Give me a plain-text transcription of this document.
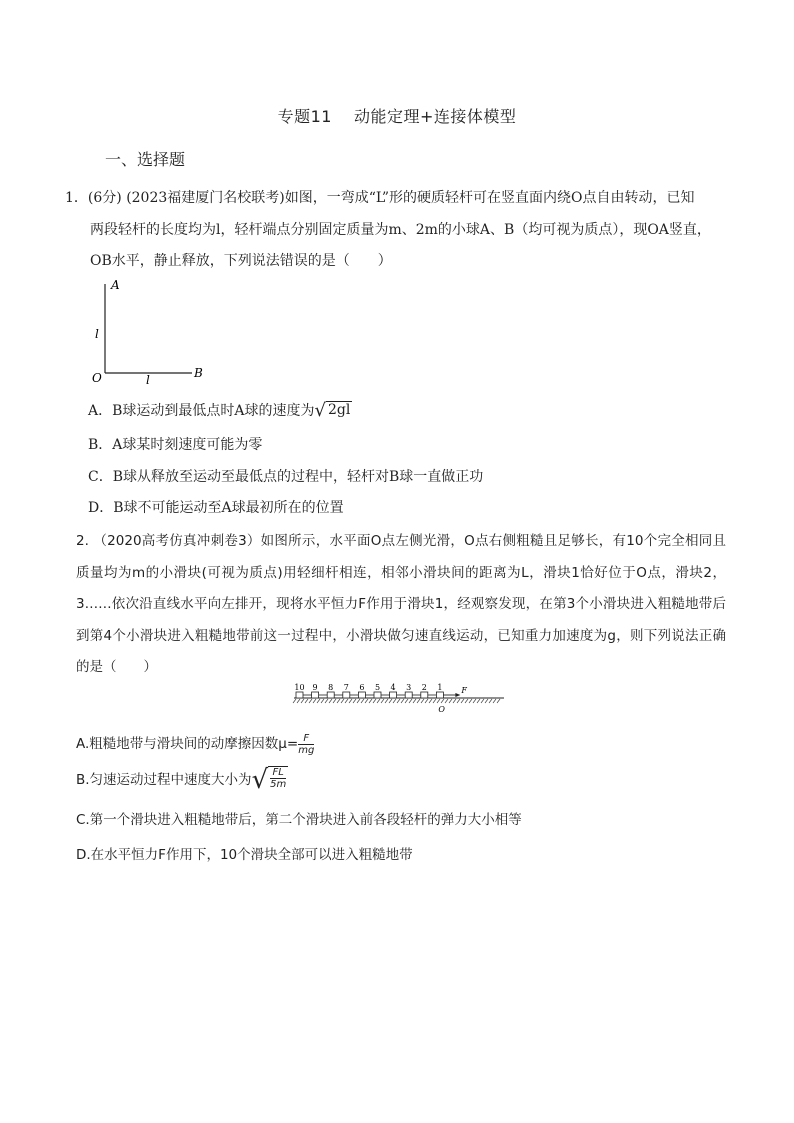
专题11 动能定理+连接体模型
一、选择题
1．(6分) (2023福建厦门名校联考)如图，一弯成“L”形的硬质轻杆可在竖直面内绕O点自由转动，已知
两段轻杆的长度均为l，轻杆端点分别固定质量为m、2m的小球A、B（均可视为质点），现OA竖直，
OB水平，静止释放，下列说法错误的是（　　）
A
l
O	l	B
A．B球运动到最低点时A球的速度为 √ 2gl
B．A球某时刻速度可能为零
C．B球从释放至运动至最低点的过程中，轻杆对B球一直做正功
D．B球不可能运动至A球最初所在的位置
2. （2020高考仿真冲刺卷3）如图所示，水平面O点左侧光滑，O点右侧粗糙且足够长，有10个完全相同且质量均为m的小滑块(可视为质点)用轻细杆相连，相邻小滑块间的距离为L，滑块1恰好位于O点，滑块2，3……依次沿直线水平向左排开，现将水平恒力F作用于滑块1，经观察发现，在第3个小滑块进入粗糙地带后到第4个小滑块进入粗糙地带前这一过程中，小滑块做匀速直线运动，已知重力加速度为g，则下列说法正确的是（　　）
10 9 8 7 6 5 4 3 2 1 F
O
A.粗糙地带与滑块间的动摩擦因数$\mu= \frac{F}{mg}$
B.匀速运动过程中速度大小为 √ $\frac{FL}{5m}$
C.第一个滑块进入粗糙地带后，第二个滑块进入前各段轻杆的弹力大小相等
D.在水平恒力F作用下，10个滑块全部可以进入粗糙地带
